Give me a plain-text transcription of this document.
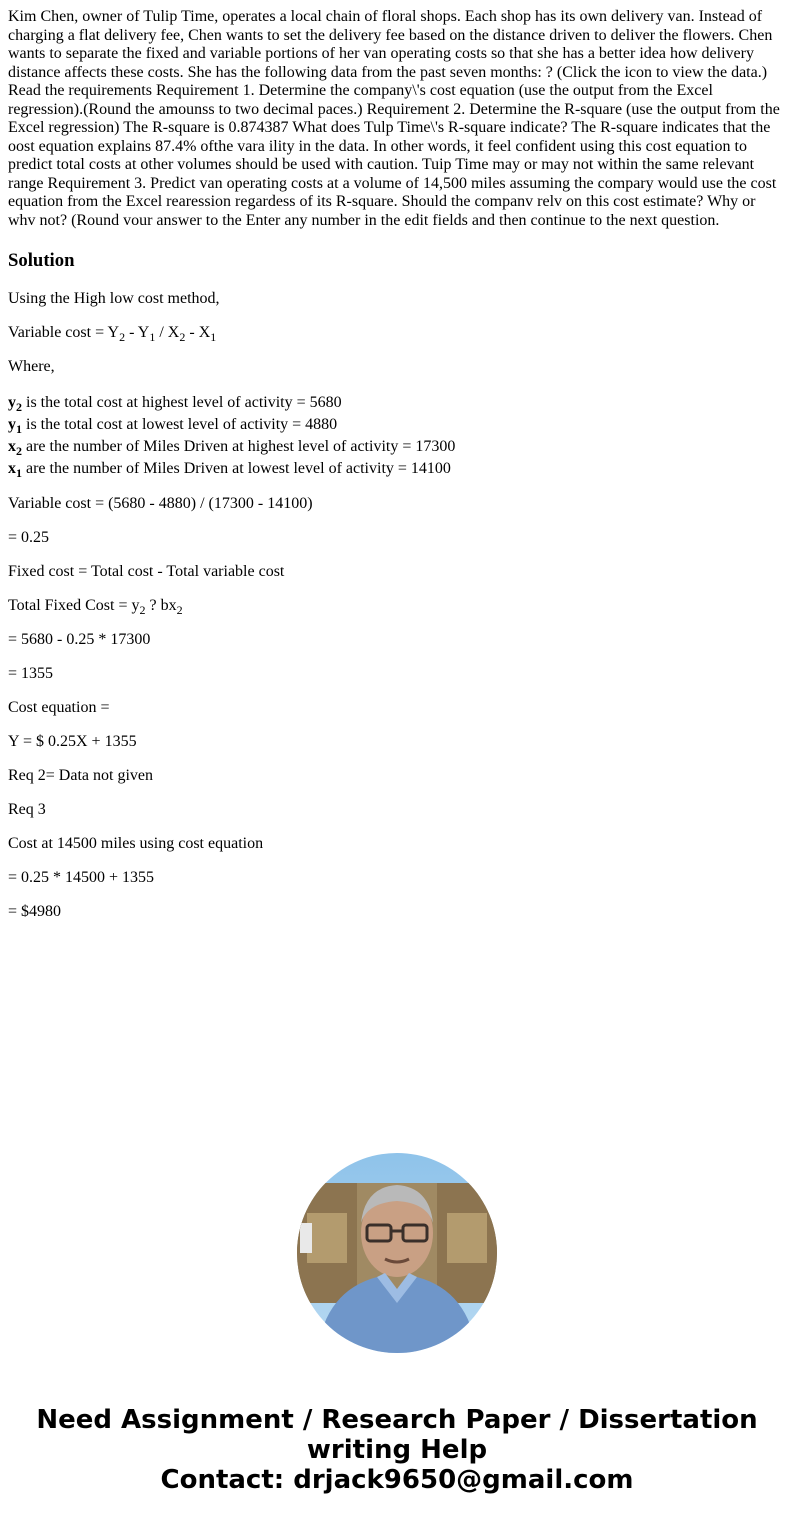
Kim Chen, owner of Tulip Time, operates a local chain of floral shops. Each shop has its own delivery van. Instead of charging a flat delivery fee, Chen wants to set the delivery fee based on the distance driven to deliver the flowers. Chen wants to separate the fixed and variable portions of her van operating costs so that she has a better idea how delivery distance affects these costs. She has the following data from the past seven months: ? (Click the icon to view the data.) Read the requirements Requirement 1. Determine the company\'s cost equation (use the output from the Excel regression).(Round the amounss to two decimal paces.) Requirement 2. Determine the R-square (use the output from the Excel regression) The R-square is 0.874387 What does Tulp Time\'s R-square indicate? The R-square indicates that the oost equation explains 87.4% ofthe vara ility in the data. In other words, it feel confident using this cost equation to predict total costs at other volumes should be used with caution. Tuip Time may or may not within the same relevant range Requirement 3. Predict van operating costs at a volume of 14,500 miles assuming the compary would use the cost equation from the Excel rearession regardess of its R-square. Should the companv relv on this cost estimate? Why or whv not? (Round vour answer to the Enter any number in the edit fields and then continue to the next question.

Solution

Using the High low cost method,

Variable $\cos t = Y_2 - Y_1 / X_2 - X_1$

Where,

$y_2$ is the total cost at highest level of activity = 5680
$y_1$ is the total cost at lowest level of activity = 4880
$x_2$ are the number of Miles Driven at highest level of activity = 17300
$x_1$ are the number of Miles Driven at lowest level of activity = 14100

Variable cost = (5680 - 4880) / (17300 - 14100)

= 0.25

Fixed cost = Total cost - Total variable cost

Total Fixed Cost = $y_2$ ? $bx_2$

= 5680 - 0.25 * 17300

= 1355

Cost equation =

Y = $ 0.25X + 1355

Req 2= Data not given

Req 3

Cost at 14500 miles using cost equation

= 0.25 * 14500 + 1355

= $4980

Need Assignment / Research Paper / Dissertation
writing Help
Contact: drjack9650@gmail.com
